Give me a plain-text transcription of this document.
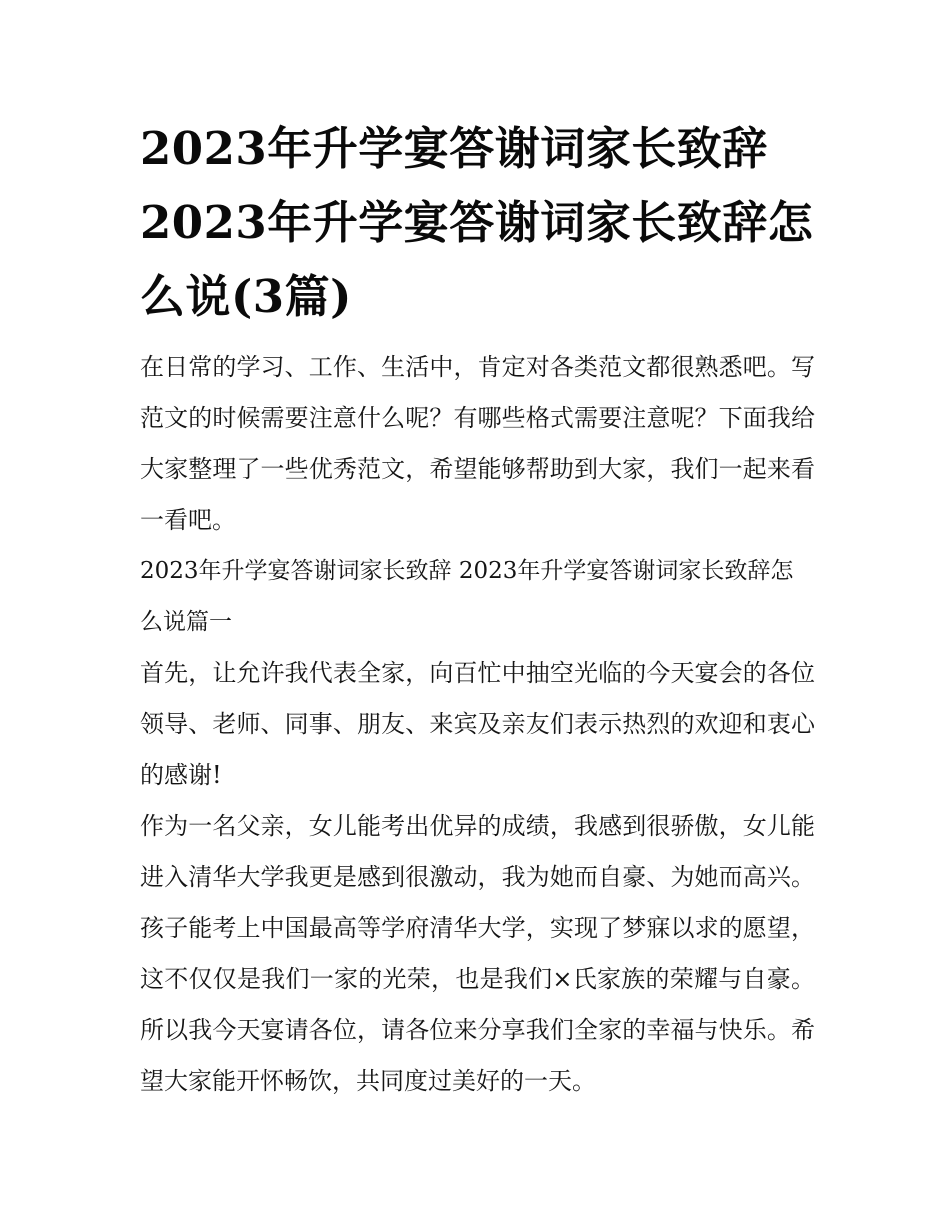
2023年升学宴答谢词家长致辞 2023年升学宴答谢词家长致辞怎么说(3篇)

在日常的学习、工作、生活中，肯定对各类范文都很熟悉吧。写范文的时候需要注意什么呢？有哪些格式需要注意呢？下面我给大家整理了一些优秀范文，希望能够帮助到大家，我们一起来看一看吧。

2023年升学宴答谢词家长致辞 2023年升学宴答谢词家长致辞怎么说篇一

首先，让允许我代表全家，向百忙中抽空光临的今天宴会的各位领导、老师、同事、朋友、来宾及亲友们表示热烈的欢迎和衷心的感谢!

作为一名父亲，女儿能考出优异的成绩，我感到很骄傲，女儿能进入清华大学我更是感到很激动，我为她而自豪、为她而高兴。孩子能考上中国最高等学府清华大学，实现了梦寐以求的愿望，这不仅仅是我们一家的光荣，也是我们×氏家族的荣耀与自豪。所以我今天宴请各位，请各位来分享我们全家的幸福与快乐。希望大家能开怀畅饮，共同度过美好的一天。
